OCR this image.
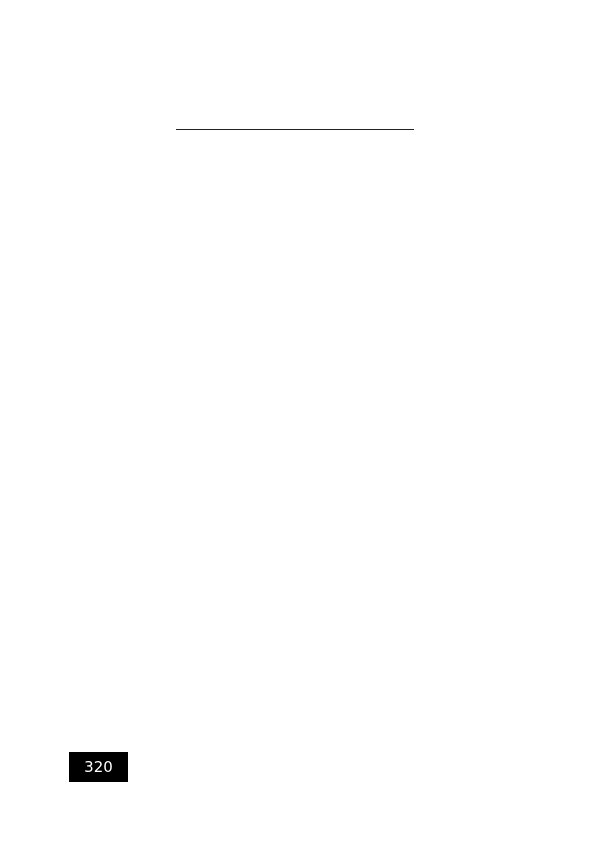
320
